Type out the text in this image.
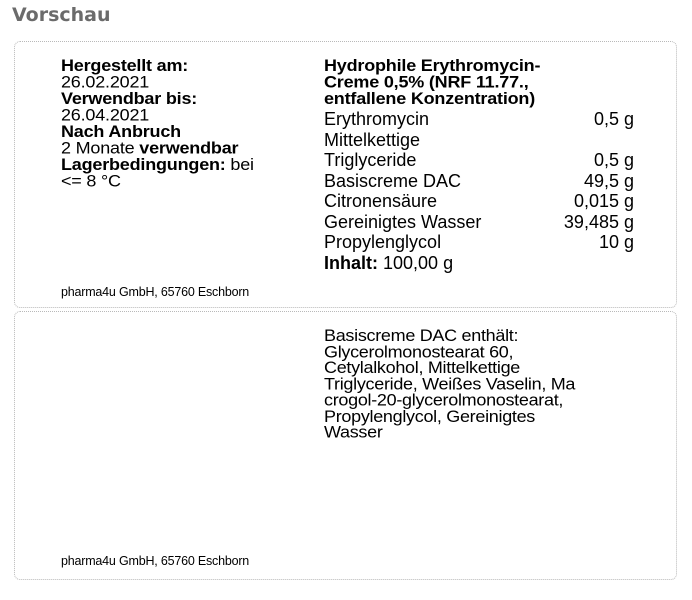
Vorschau
Hergestellt am:
26.02.2021
Verwendbar bis:
26.04.2021
Nach Anbruch
2 Monate verwendbar
Lagerbedingungen: bei
<= 8 °C
Hydrophile Erythromycin-
Creme 0,5% (NRF 11.77.,
entfallene Konzentration)
Erythromycin	0,5 g
Mittelkettige
Triglyceride	0,5 g
Basiscreme DAC	49,5 g
Citronensäure	0,015 g
Gereinigtes Wasser	39,485 g
Propylenglycol	10 g
Inhalt:
100,00 g
pharma4u GmbH, 65760 Eschborn
Basiscreme DAC enthält:
Glycerolmonostearat 60,
Cetylalkohol, Mittelkettige
Triglyceride, Weißes Vaselin, Ma
crogol-20-glycerolmonostearat,
Propylenglycol, Gereinigtes
Wasser
pharma4u GmbH, 65760 Eschborn
